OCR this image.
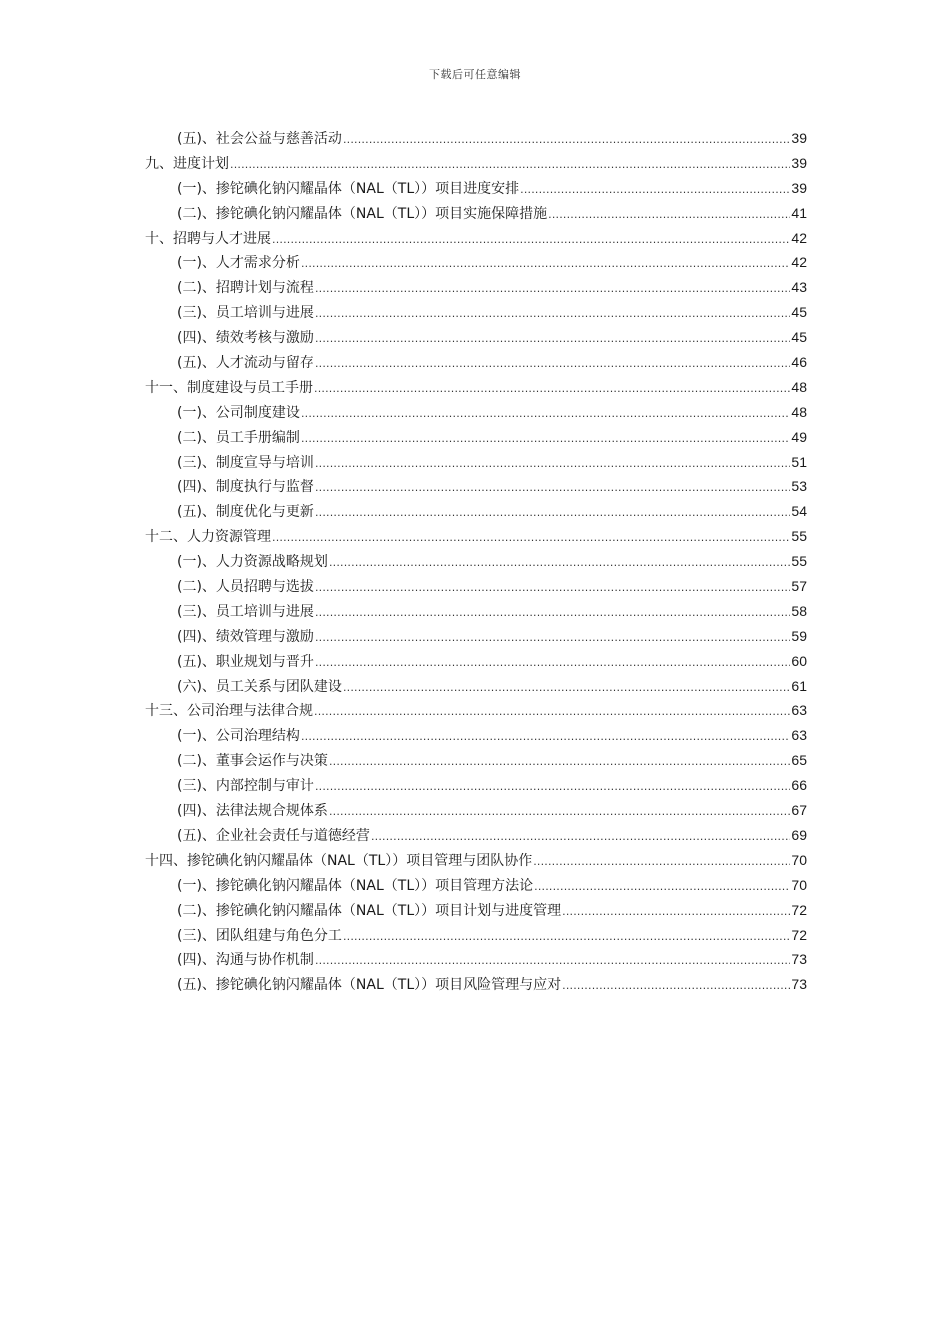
下载后可任意编辑
(五)、社会公益与慈善活动 .....	39
九、进度计划 .....	39
(一)、掺铊碘化钠闪耀晶体（NAL（TL））项目进度安排 .....	39
(二)、掺铊碘化钠闪耀晶体（NAL（TL））项目实施保障措施 .....	41
十、招聘与人才进展 .....	42
(一)、人才需求分析 .....	42
(二)、招聘计划与流程 .....	43
(三)、员工培训与进展 .....	45
(四)、绩效考核与激励 .....	45
(五)、人才流动与留存 .....	46
十一、制度建设与员工手册 .....	48
(一)、公司制度建设 .....	48
(二)、员工手册编制 .....	49
(三)、制度宣导与培训 .....	51
(四)、制度执行与监督 .....	53
(五)、制度优化与更新 .....	54
十二、人力资源管理 .....	55
(一)、人力资源战略规划 .....	55
(二)、人员招聘与选拔 .....	57
(三)、员工培训与进展 .....	58
(四)、绩效管理与激励 .....	59
(五)、职业规划与晋升 .....	60
(六)、员工关系与团队建设 .....	61
十三、公司治理与法律合规 .....	63
(一)、公司治理结构 .....	63
(二)、董事会运作与决策 .....	65
(三)、内部控制与审计 .....	66
(四)、法律法规合规体系 .....	67
(五)、企业社会责任与道德经营 .....	69
十四、掺铊碘化钠闪耀晶体（NAL（TL））项目管理与团队协作 .....	70
(一)、掺铊碘化钠闪耀晶体（NAL（TL））项目管理方法论 .....	70
(二)、掺铊碘化钠闪耀晶体（NAL（TL））项目计划与进度管理 .....	72
(三)、团队组建与角色分工 .....	72
(四)、沟通与协作机制 .....	73
(五)、掺铊碘化钠闪耀晶体（NAL（TL））项目风险管理与应对 .....	73
